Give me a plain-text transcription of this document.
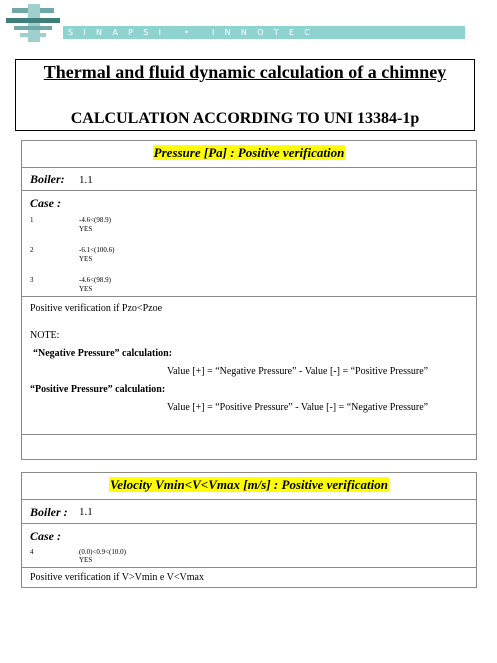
SINAPSI • INNOTEC
Thermal and fluid dynamic calculation of a chimney
CALCULATION ACCORDING TO UNI 13384-1p
Pressure [Pa] : Positive verification
Boiler: 1.1
Case :
1	-4.6<(98.9)
YES
2	-6.1<(100.6)
YES
3	-4.6<(98.9)
YES
Positive verification if Pzo<Pzoe
NOTE:
“Negative Pressure” calculation:
Value [+] = “Negative Pressure” - Value [-] = “Positive Pressure”
“Positive Pressure” calculation:
Value [+] = “Positive Pressure” - Value [-] = “Negative Pressure”
Velocity Vmin<V<Vmax [m/s] : Positive verification
Boiler : 1.1
Case :
4	(0.0)<0.9<(10.0)
YES
Positive verification if V>Vmin e V<Vmax
